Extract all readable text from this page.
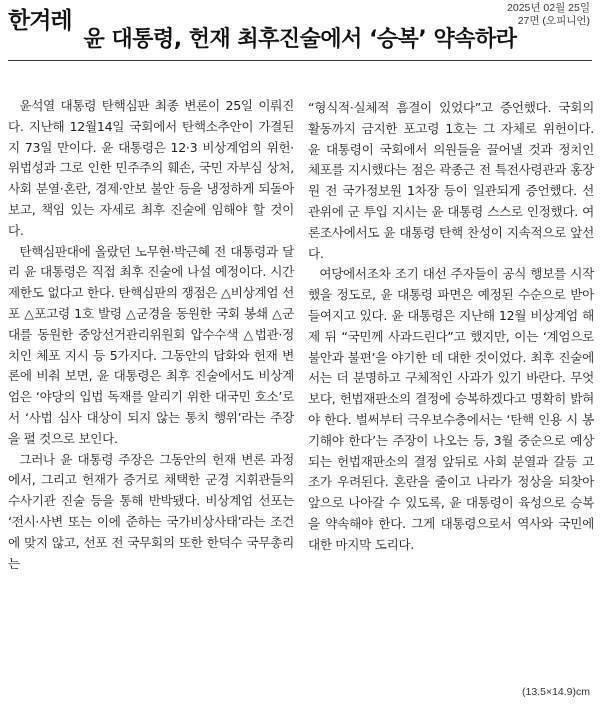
한겨레	2025년 02월 25일
27면 (오피니언)
윤 대통령, 헌재 최후진술에서 ‘승복’ 약속하라

윤석열 대통령 탄핵심판 최종 변론이 25일 이뤄진다. 지난해 12월14일 국회에서 탄핵소추안이 가결된 지 73일 만이다. 윤 대통령은 12·3 비상계엄의 위헌·위법성과 그로 인한 민주주의 훼손, 국민 자부심 상처, 사회 분열·혼란, 경제·안보 불안 등을 냉정하게 되돌아보고, 책임 있는 자세로 최후 진술에 임해야 할 것이다.

탄핵심판대에 올랐던 노무현·박근혜 전 대통령과 달리 윤 대통령은 직접 최후 진술에 나설 예정이다. 시간제한도 없다고 한다. 탄핵심판의 쟁점은 △비상계엄 선포 △포고령 1호 발령 △군경을 동원한 국회 봉쇄 △군대를 동원한 중앙선거관리위원회 압수수색 △법관·정치인 체포 지시 등 5가지다. 그동안의 답화와 헌재 변론에 비춰 보면, 윤 대통령은 최후 진술에서도 비상계엄은 ‘야당의 입법 독재를 알리기 위한 대국민 호소’로서 ‘사법 심사 대상이 되지 않는 통치 행위’라는 주장을 펼 것으로 보인다.

그러나 윤 대통령 주장은 그동안의 헌재 변론 과정에서, 그리고 헌재가 증거로 채택한 군경 지휘관들의 수사기관 진술 등을 통해 반박됐다. 비상계엄 선포는 ‘전시·사변 또는 이에 준하는 국가비상사태’라는 조건에 맞지 않고, 선포 전 국무회의 또한 한덕수 국무총리는

“형식적·실체적 흠결이 있었다”고 증언했다. 국회의 활동까지 금지한 포고령 1호는 그 자체로 위헌이다. 윤 대통령이 국회에서 의원들을 끌어낼 것과 정치인 체포를 지시했다는 점은 곽종근 전 특전사령관과 홍장원 전 국가정보원 1차장 등이 일관되게 증언했다. 선관위에 군 투입 지시는 윤 대통령 스스로 인정했다. 여론조사에서도 윤 대통령 탄핵 찬성이 지속적으로 앞선다.

여당에서조차 조기 대선 주자들이 공식 행보를 시작했을 정도로, 윤 대통령 파면은 예정된 수순으로 받아들여지고 있다. 윤 대통령은 지난해 12월 비상계엄 해제 뒤 “국민께 사과드린다”고 했지만, 이는 ‘계엄으로 불안과 불편’을 야기한 데 대한 것이었다. 최후 진술에서는 더 분명하고 구체적인 사과가 있기 바란다. 무엇보다, 헌법재판소의 결정에 승복하겠다고 명확히 밝혀야 한다. 벌써부터 극우보수층에서는 ‘탄핵 인용 시 봉기해야 한다’는 주장이 나오는 등, 3월 중순으로 예상되는 헌법재판소의 결정 앞뒤로 사회 분열과 갈등 고조가 우려된다. 혼란을 줄이고 나라가 정상을 되찾아 앞으로 나아갈 수 있도록, 윤 대통령이 육성으로 승복을 약속해야 한다. 그게 대통령으로서 역사와 국민에 대한 마지막 도리다.

(13.5×14.9)cm
